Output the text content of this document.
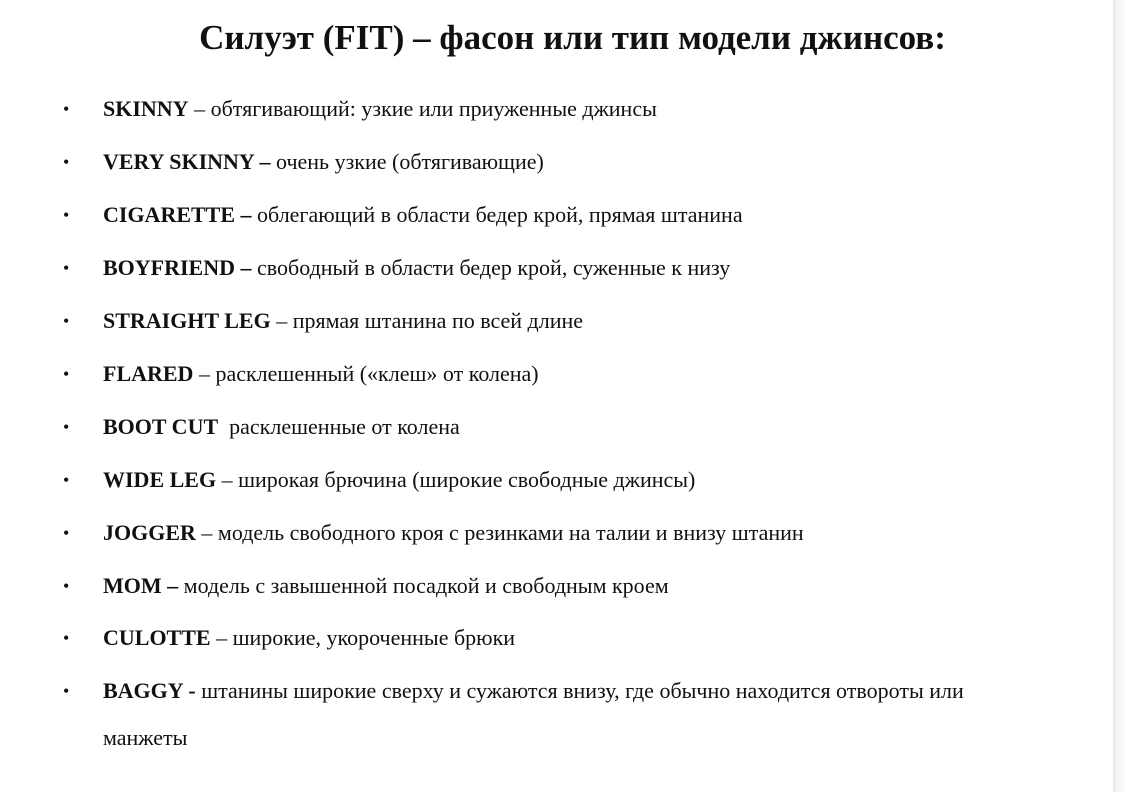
Силуэт (FIT) – фасон или тип модели джинсов:
• SKINNY – обтягивающий: узкие или приуженные джинсы
• VERY SKINNY – очень узкие (обтягивающие)
• CIGARETTE – облегающий в области бедер крой, прямая штанина
• BOYFRIEND – свободный в области бедер крой, суженные к низу
• STRAIGHT LEG – прямая штанина по всей длине
• FLARED – расклешенный («клеш» от колена)
• BOOT CUT  расклешенные от колена
• WIDE LEG – широкая брючина (широкие свободные джинсы)
• JOGGER – модель свободного кроя с резинками на талии и внизу штанин
• MOM – модель с завышенной посадкой и свободным кроем
• CULOTTE – широкие, укороченные брюки
• BAGGY - штанины широкие сверху и сужаются внизу, где обычно находится отвороты или
манжеты
